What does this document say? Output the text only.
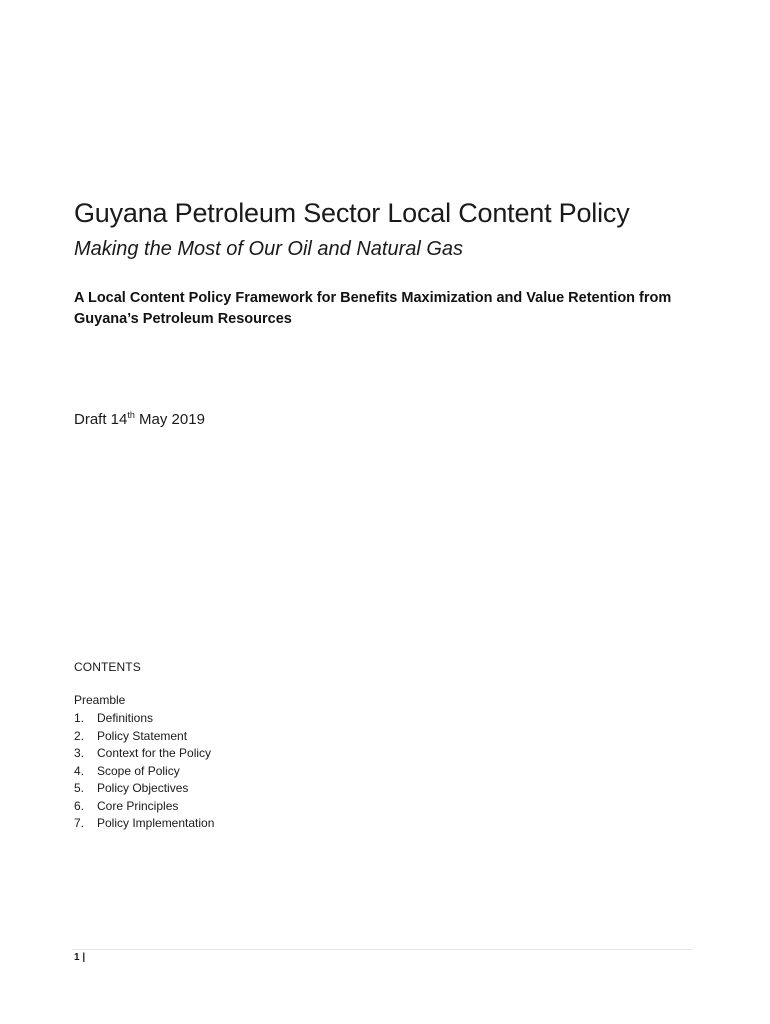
Guyana Petroleum Sector Local Content Policy
Making the Most of Our Oil and Natural Gas
A Local Content Policy Framework for Benefits Maximization and Value Retention from Guyana’s Petroleum Resources
Draft 14th May 2019
CONTENTS
Preamble
1.	Definitions
2.	Policy Statement
3.	Context for the Policy
4.	Scope of Policy
5.	Policy Objectives
6.	Core Principles
7.	Policy Implementation
1 |
